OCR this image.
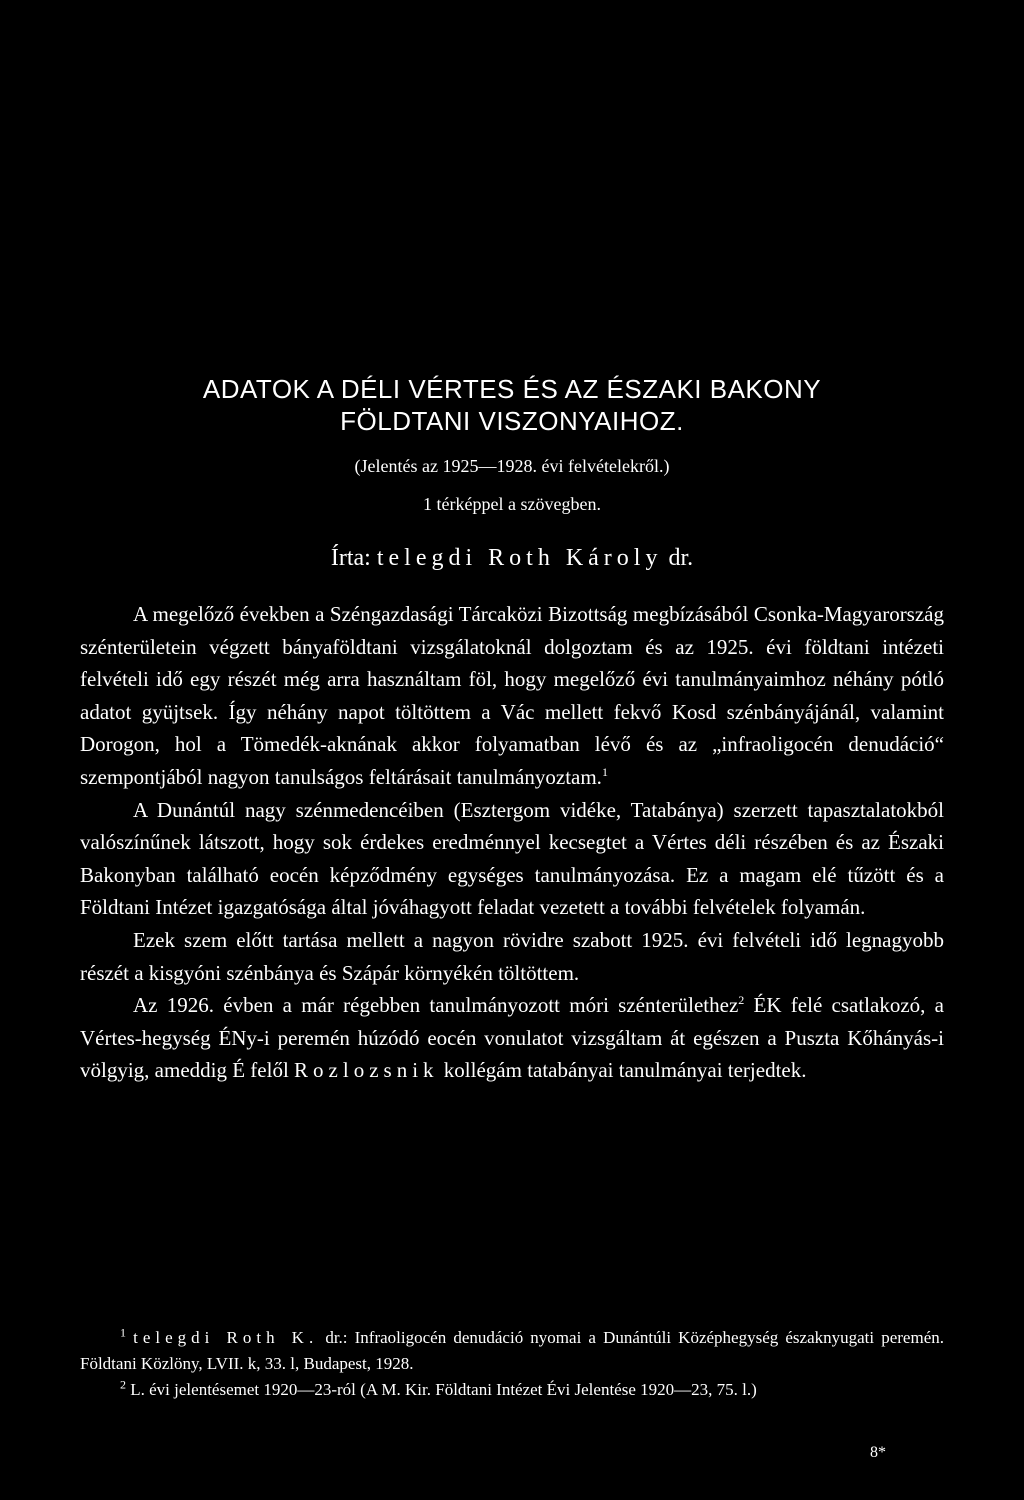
ADATOK A DÉLI VÉRTES ÉS AZ ÉSZAKI BAKONY
FÖLDTANI VISZONYAIHOZ.

(Jelentés az 1925—1928. évi felvételekről.)

1 térképpel a szövegben.

Írta: telegdi Roth Károly dr.

A megelőző években a Széngazdasági Tárcaközi Bizottság megbízásából Csonka-Magyarország szénterületein végzett bányaföldtani vizsgálatoknál dolgoztam és az 1925. évi földtani intézeti felvételi idő egy részét még arra használtam föl, hogy megelőző évi tanulmányaimhoz néhány pótló adatot gyüjtsek. Így néhány napot töltöttem a Vác mellett fekvő Kosd szénbányájánál, valamint Dorogon, hol a Tömedék-aknának akkor folyamatban lévő és az „infraoligocén denudáció“ szempontjából nagyon tanulságos feltárásait tanulmányoztam.$^1$

A Dunántúl nagy szénmedencéiben (Esztergom vidéke, Tatabánya) szerzett tapasztalatokból valószínűnek látszott, hogy sok érdekes eredménnyel kecsegtet a Vértes déli részében és az Északi Bakonyban található eocén képződmény egységes tanulmányozása. Ez a magam elé tűzött és a Földtani Intézet igazgatósága által jóváhagyott feladat vezetett a további felvételek folyamán.

Ezek szem előtt tartása mellett a nagyon rövidre szabott 1925. évi felvételi idő legnagyobb részét a kisgyóni szénbánya és Szápár környékén töltöttem.

Az 1926. évben a már régebben tanulmányozott móri szénterülethez$^2$ ÉK felé csatlakozó, a Vértes-hegység ÉNy-i peremén húzódó eocén vonulatot vizsgáltam át egészen a Puszta Kőhányás-i völgyig, ameddig É felől Rozlozsnik kollégám tatabányai tanulmányai terjedtek.

$^1$ telegdi Roth K. dr.: Infraoligocén denudáció nyomai a Dunántúli Középhegység északnyugati peremén. Földtani Közlöny, LVII. k, 33. l, Budapest, 1928.

$^2$ L. évi jelentésemet 1920—23-ról (A M. Kir. Földtani Intézet Évi Jelentése 1920—23, 75. l.)

8*
